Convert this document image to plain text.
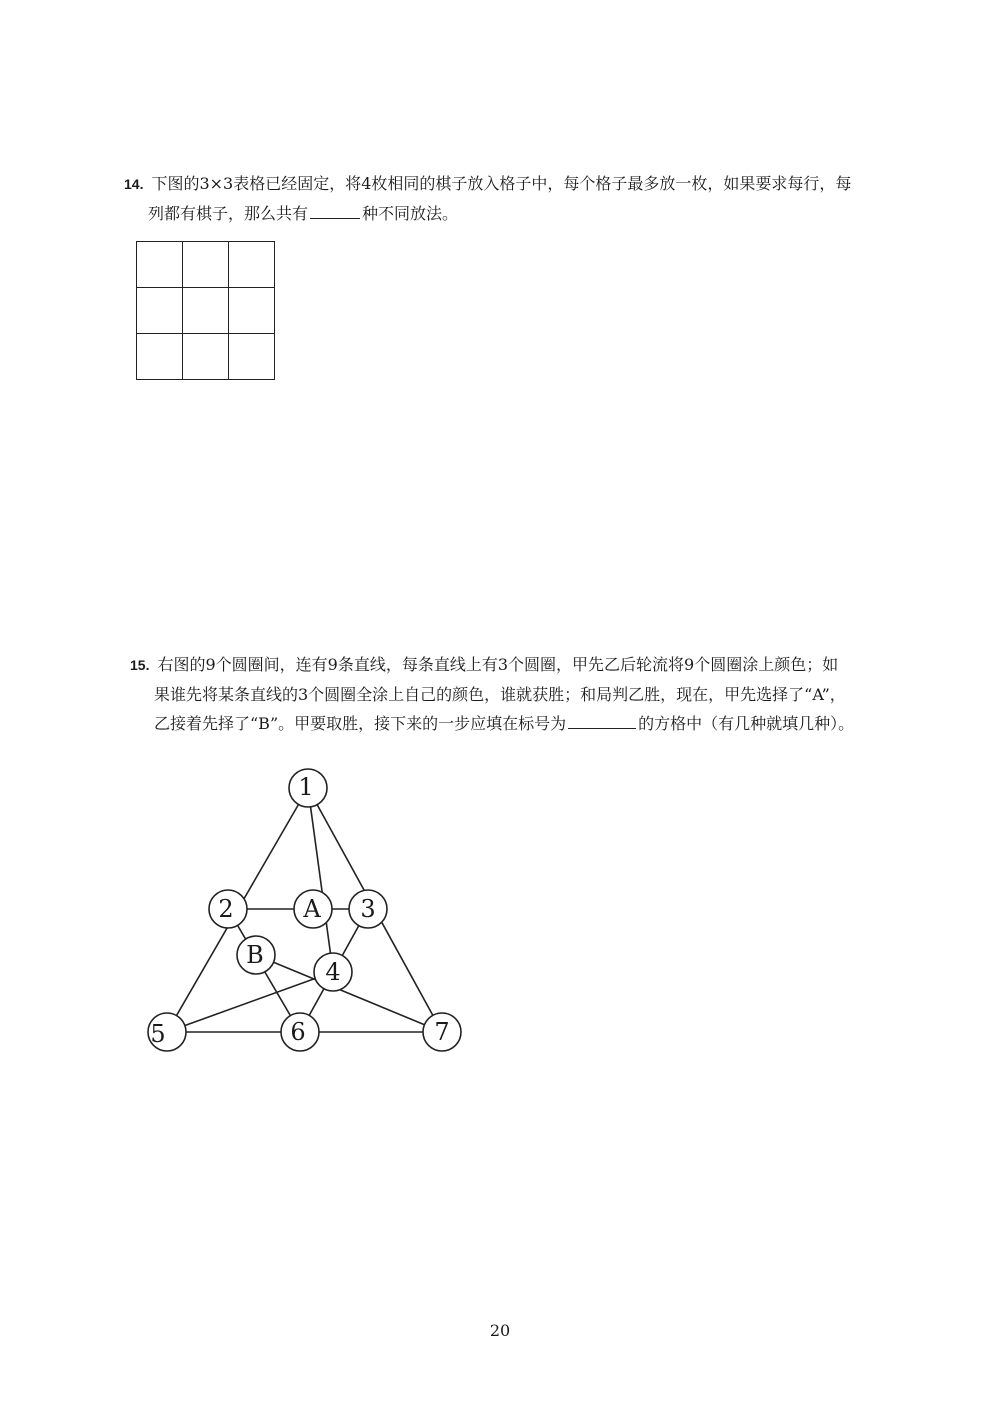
14. 下图的3×3表格已经固定，将4枚相同的棋子放入格子中，每个格子最多放一枚，如果要求每行，每
列都有棋子，那么共有	种不同放法。

15. 右图的9个圆圈间，连有9条直线，每条直线上有3个圆圈，甲先乙后轮流将9个圆圈涂上颜色；如
果谁先将某条直线的3个圆圈全涂上自己的颜色，谁就获胜；和局判乙胜，现在，甲先选择了“A”，
乙接着先择了“B”。甲要取胜，接下来的一步应填在标号为	的方格中（有几种就填几种）。
1
2	A 3
B
4
5	6	7
20
